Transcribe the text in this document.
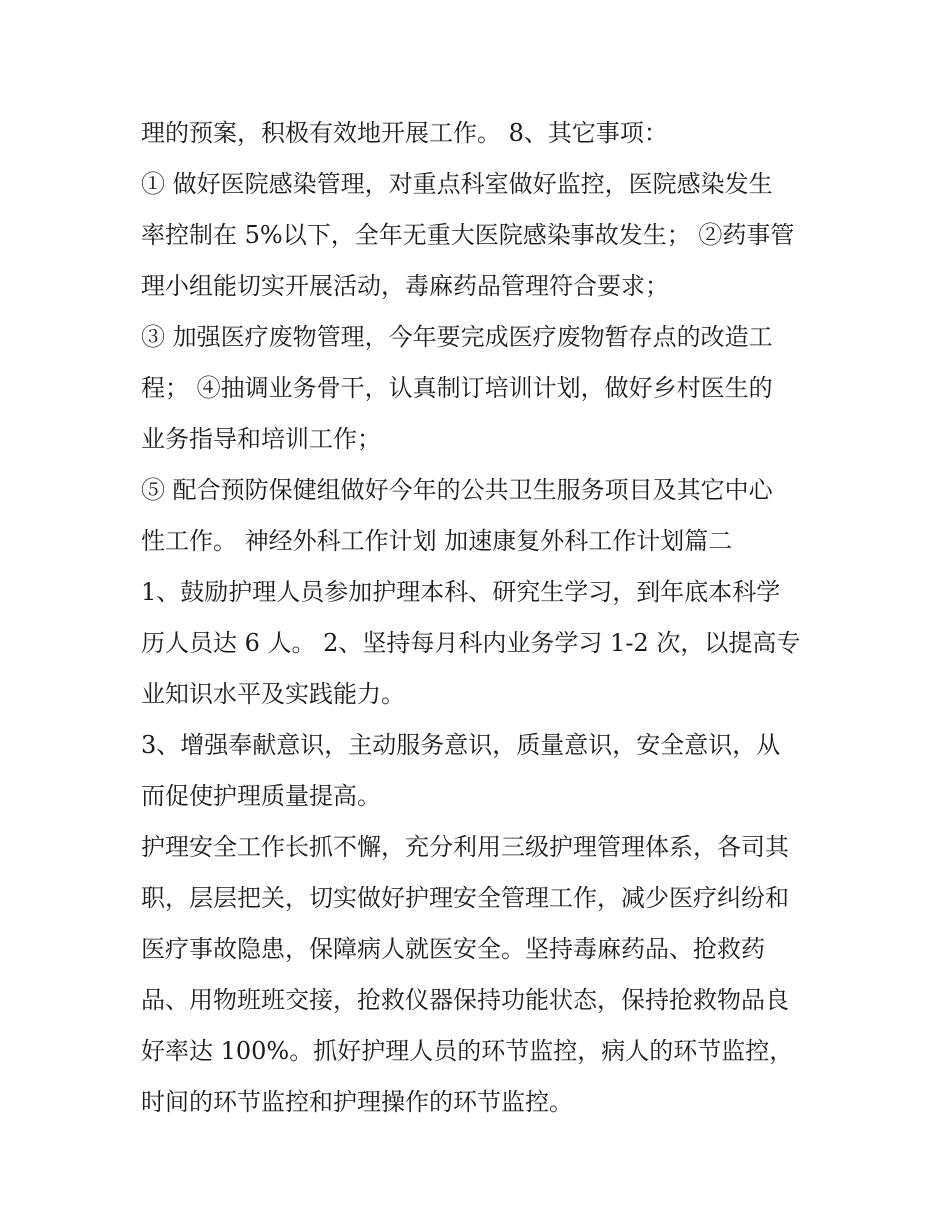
理的预案，积极有效地开展工作。 8、其它事项：
① 做好医院感染管理，对重点科室做好监控，医院感染发生
率控制在 5%以下，全年无重大医院感染事故发生； ②药事管
理小组能切实开展活动，毒麻药品管理符合要求；
③ 加强医疗废物管理，今年要完成医疗废物暂存点的改造工
程； ④抽调业务骨干，认真制订培训计划，做好乡村医生的
业务指导和培训工作；
⑤ 配合预防保健组做好今年的公共卫生服务项目及其它中心
性工作。 神经外科工作计划 加速康复外科工作计划篇二
1、鼓励护理人员参加护理本科、研究生学习，到年底本科学
历人员达 6 人。 2、坚持每月科内业务学习 1-2 次，以提高专
业知识水平及实践能力。
3、增强奉献意识，主动服务意识，质量意识，安全意识，从
而促使护理质量提高。
护理安全工作长抓不懈，充分利用三级护理管理体系，各司其
职，层层把关，切实做好护理安全管理工作，减少医疗纠纷和
医疗事故隐患，保障病人就医安全。坚持毒麻药品、抢救药
品、用物班班交接，抢救仪器保持功能状态，保持抢救物品良
好率达 100%。抓好护理人员的环节监控，病人的环节监控，
时间的环节监控和护理操作的环节监控。
